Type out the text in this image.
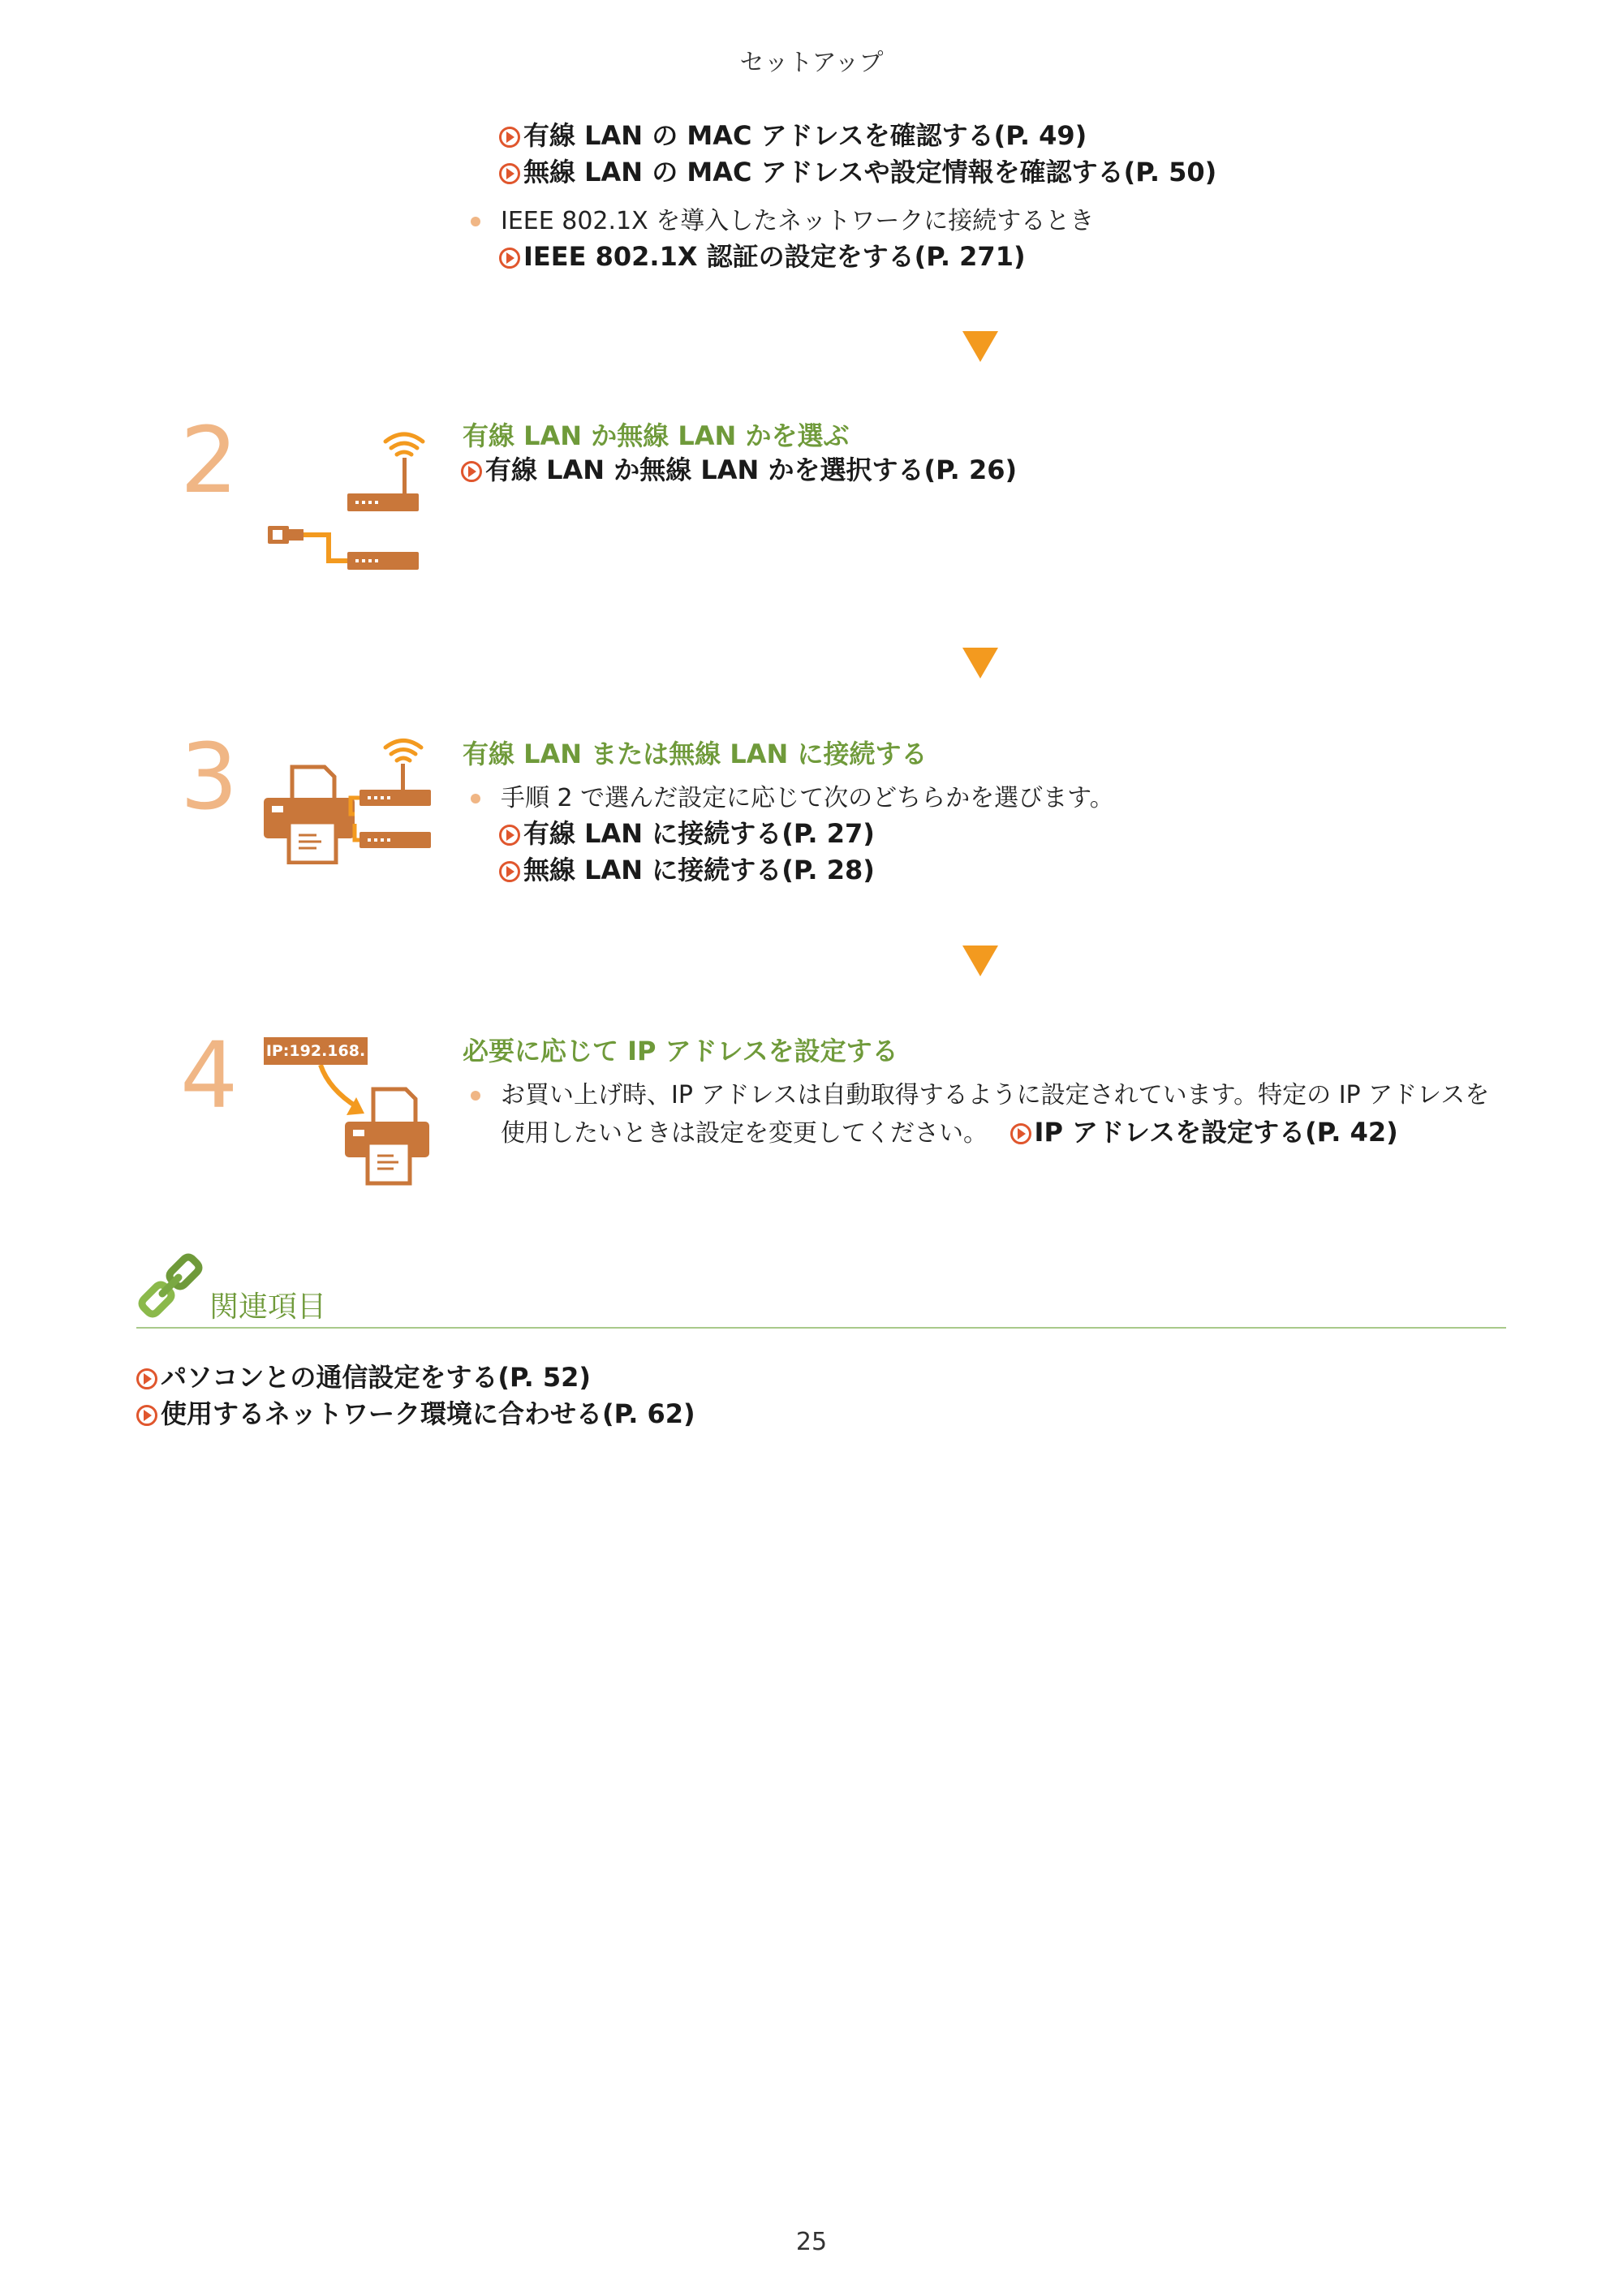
セットアップ
有線 LAN の MAC アドレスを確認する(P. 49)
無線 LAN の MAC アドレスや設定情報を確認する(P. 50)
IEEE 802.1X を導入したネットワークに接続するとき
IEEE 802.1X 認証の設定をする(P. 271)
2	有線 LAN か無線 LAN かを選ぶ
有線 LAN か無線 LAN かを選択する(P. 26)
3	有線 LAN または無線 LAN に接続する
手順 2 で選んだ設定に応じて次のどちらかを選びます。
有線 LAN に接続する(P. 27)
無線 LAN に接続する(P. 28)
4 IP:192.168.	必要に応じて IP アドレスを設定する
お買い上げ時、IP アドレスは自動取得するように設定されています。特定の IP アドレスを
使用したいときは設定を変更してください。 IP アドレスを設定する(P. 42)
関連項目
パソコンとの通信設定をする(P. 52)
使用するネットワーク環境に合わせる(P. 62)
25
